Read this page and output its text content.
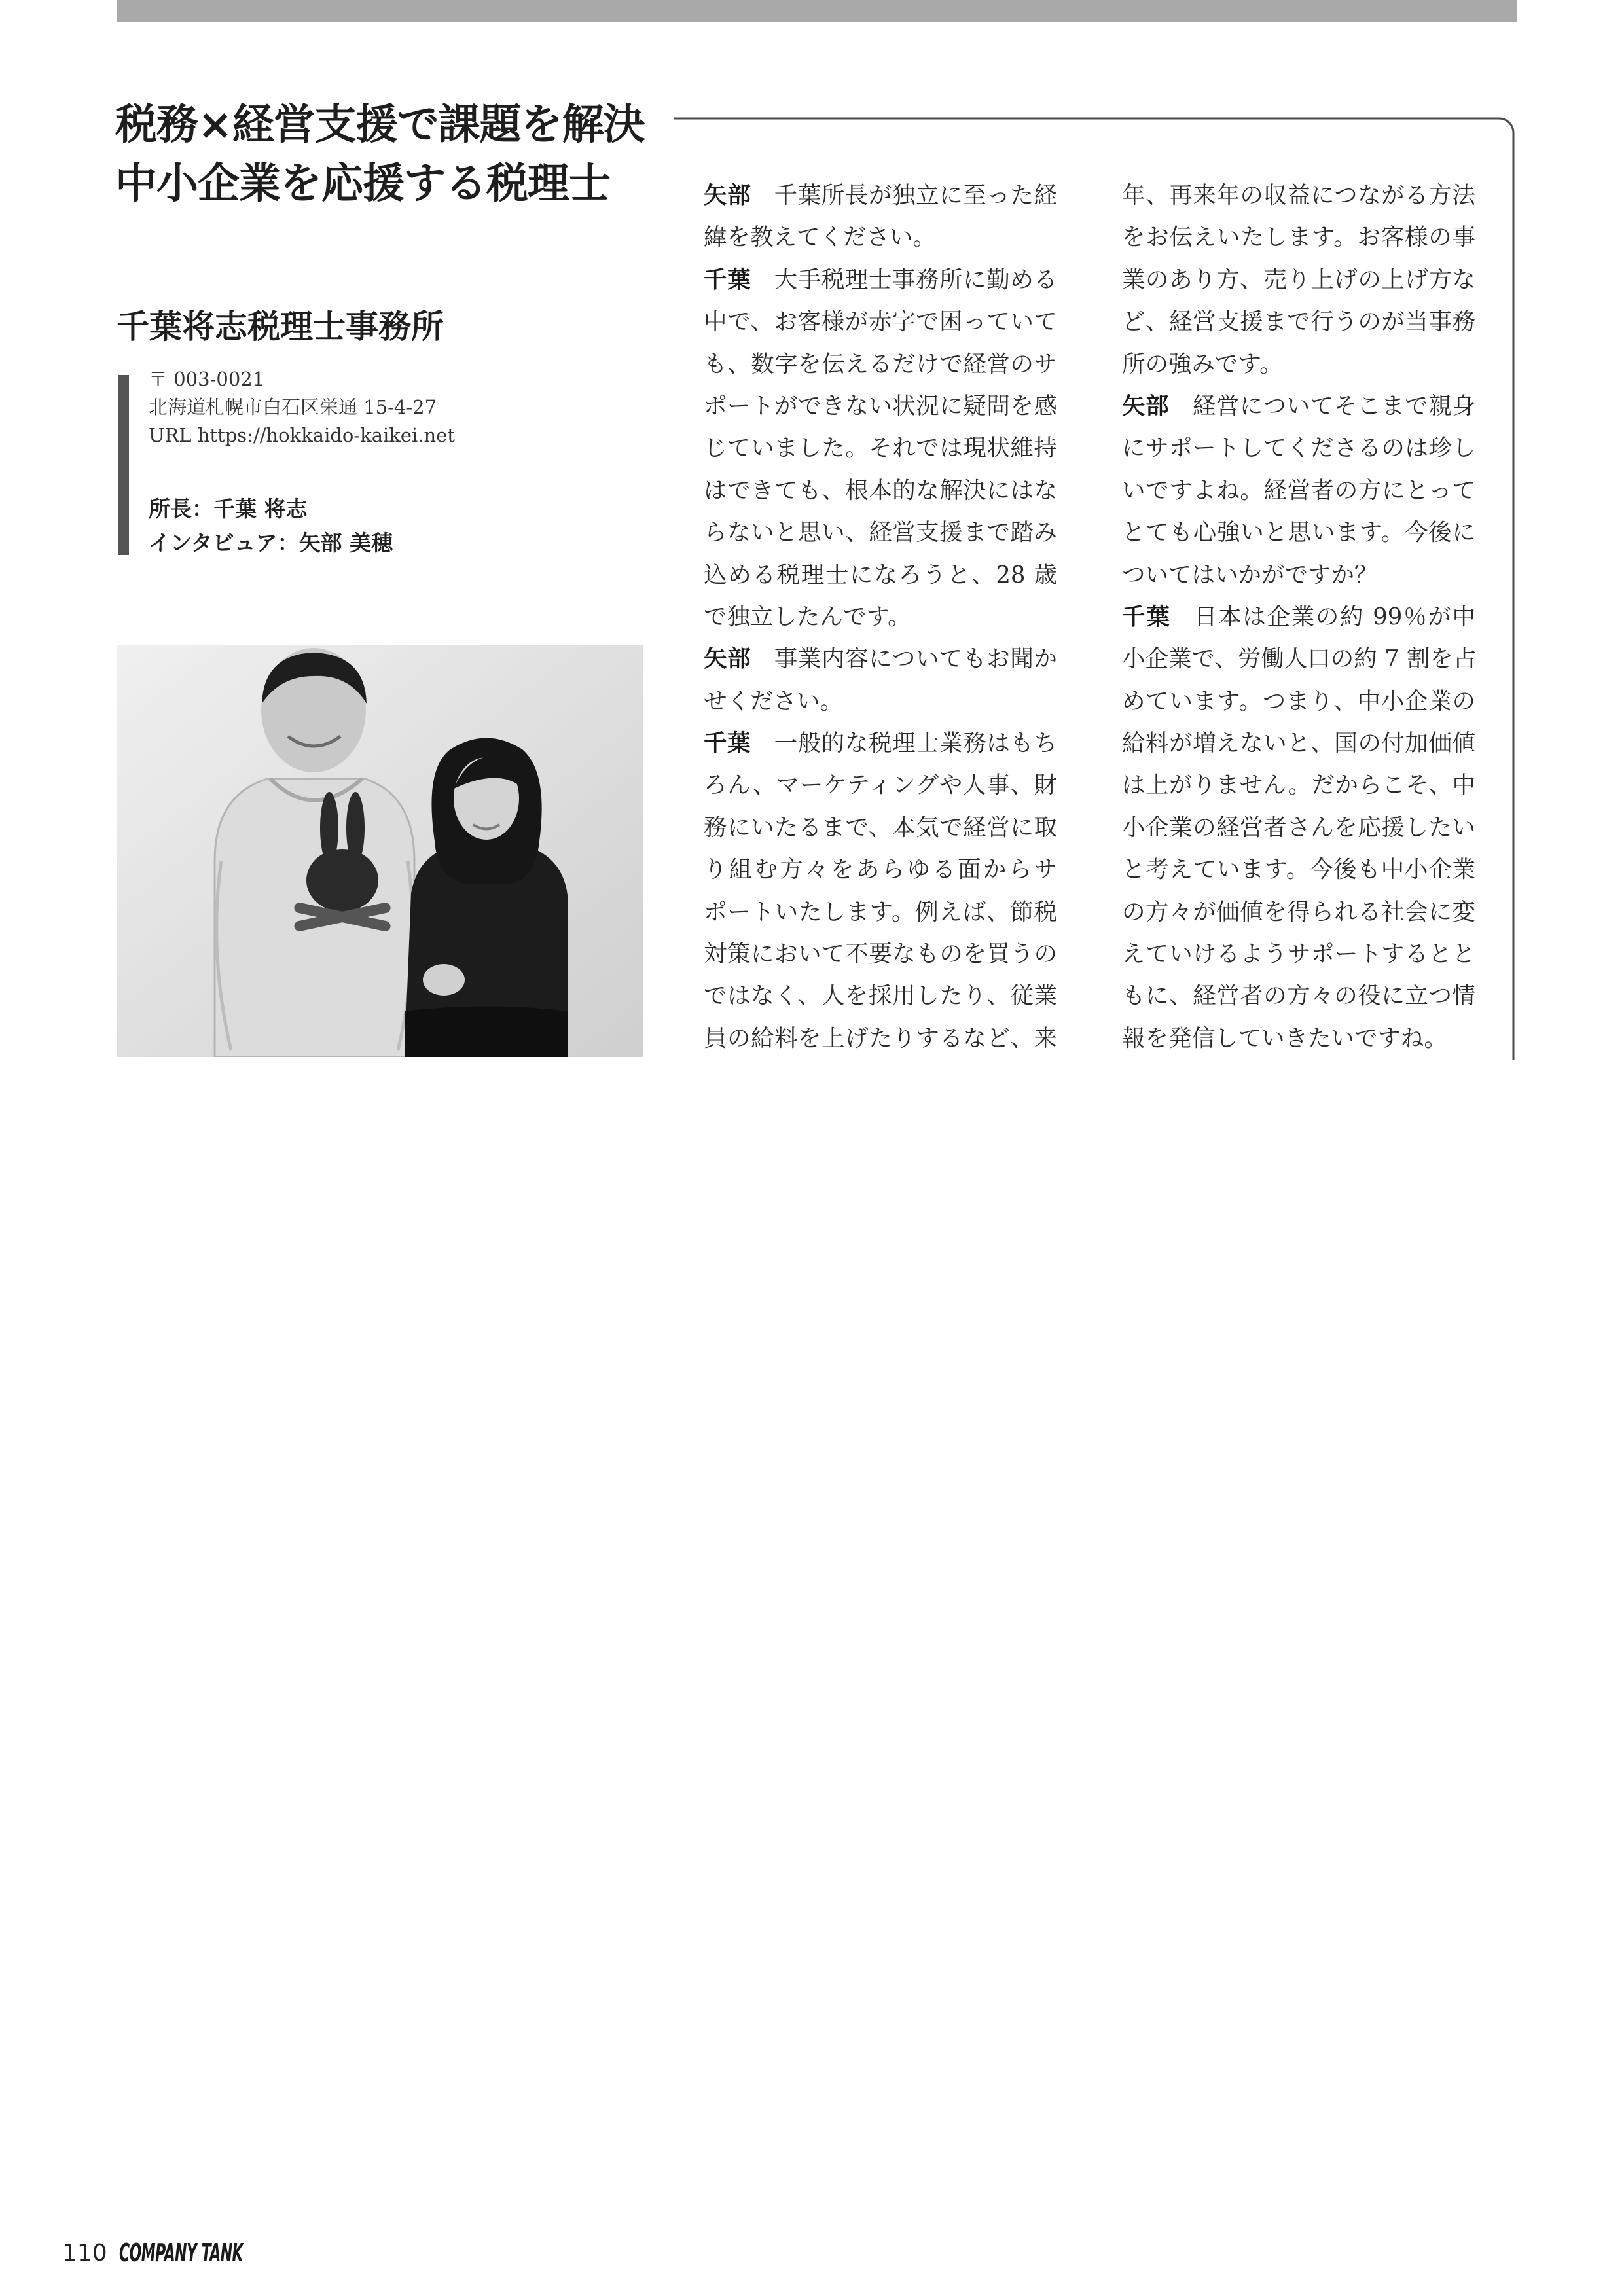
税務×経営支援で課題を解決
中小企業を応援する税理士
千葉将志税理士事務所
〒 003-0021
北海道札幌市白石区栄通 15-4-27
URL https://hokkaido-kaikei.net
所長：千葉 将志
インタビュア：矢部 美穂
矢部 千葉所長が独立に至った経
緯を教えてください。
千葉 大手税理士事務所に勤める
中で、お客様が赤字で困っていて
も、数字を伝えるだけで経営のサ
ポートができない状況に疑問を感
じていました。それでは現状維持
はできても、根本的な解決にはな
らないと思い、経営支援まで踏み
込める税理士になろうと、28 歳
で独立したんです。
矢部 事業内容についてもお聞か
せください。
千葉 一般的な税理士業務はもち
ろん、マーケティングや人事、財
務にいたるまで、本気で経営に取
り組む方々をあらゆる面からサ
ポートいたします。例えば、節税
対策において不要なものを買うの
ではなく、人を採用したり、従業
員の給料を上げたりするなど、来
年、再来年の収益につながる方法
をお伝えいたします。お客様の事
業のあり方、売り上げの上げ方な
ど、経営支援まで行うのが当事務
所の強みです。
矢部 経営についてそこまで親身
にサポートしてくださるのは珍し
いですよね。経営者の方にとって
とても心強いと思います。今後に
ついてはいかがですか？
千葉 日本は企業の約 99％が中
小企業で、労働人口の約 7 割を占
めています。つまり、中小企業の
給料が増えないと、国の付加価値
は上がりません。だからこそ、中
小企業の経営者さんを応援したい
と考えています。今後も中小企業
の方々が価値を得られる社会に変
えていけるようサポートするとと
もに、経営者の方々の役に立つ情
報を発信していきたいですね。
110 COMPANY TANK
